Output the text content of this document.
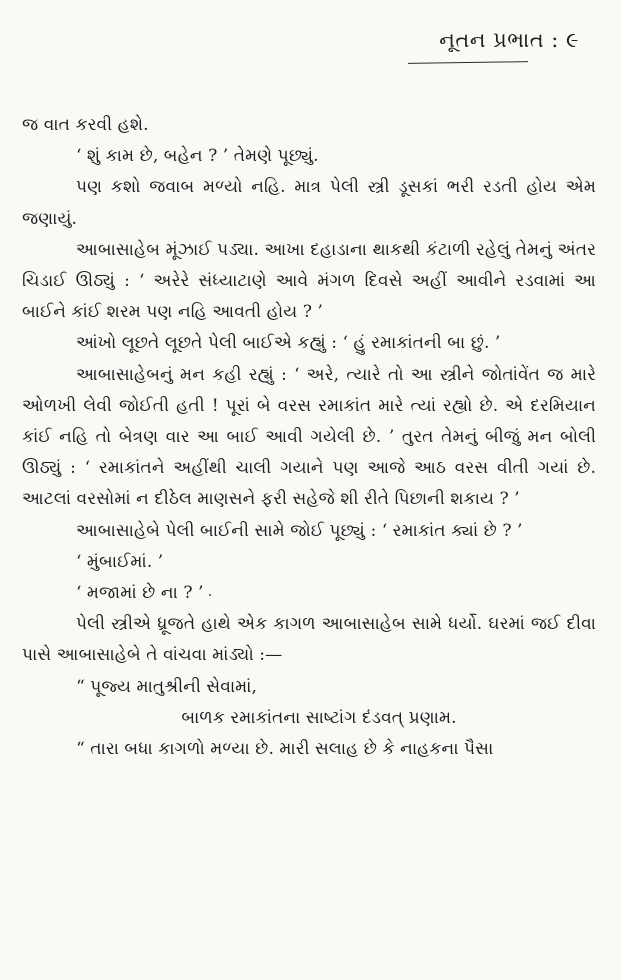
નૂતન પ્રભાત : ૯

જ વાત કરવી હશે.

‘ શું કામ છે, બહેન ? ’ તેમણે પૂછ્યું.

પણ કશો જવાબ મળ્યો નહિ. માત્ર પેલી સ્ત્રી ડૂસકાં ભરી રડતી હોય એમ જણાયું.

આબાસાહેબ મૂંઝાઈ પડ્યા. આખા દહાડાના થાકથી કંટાળી રહેલું તેમનું અંતર ચિડાઈ ઊઠ્યું : ‘ અરેરે સંધ્યાટાણે આવે મંગળ દિવસે અહીં આવીને રડવામાં આ બાઈને કાંઈ શરમ પણ નહિ આવતી હોય ? ’

આંખો લૂછતે લૂછતે પેલી બાઈએ કહ્યું : ‘ હું રમાકાંતની બા છું. ’

આબાસાહેબનું મન કહી રહ્યું : ‘ અરે, ત્યારે તો આ સ્ત્રીને જોતાંવેંત જ મારે ઓળખી લેવી જોઈતી હતી ! પૂરાં બે વરસ રમાકાંત મારે ત્યાં રહ્યો છે. એ દરમિયાન કાંઈ નહિ તો બેત્રણ વાર આ બાઈ આવી ગયેલી છે. ’ તુરત તેમનું બીજું મન બોલી ઊઠ્યું : ‘ રમાકાંતને અહીંથી ચાલી ગયાને પણ આજે આઠ વરસ વીતી ગયાં છે. આટલાં વરસોમાં ન દીઠેલ માણસને ફરી સહેજે શી રીતે પિછાની શકાય ? ’

આબાસાહેબે પેલી બાઈની સામે જોઈ પૂછ્યું : ‘ રમાકાંત ક્યાં છે ? ’

‘ મુંબાઈમાં. ’

‘ મજામાં છે ના ? ’

પેલી સ્ત્રીએ ધ્રૂજતે હાથે એક કાગળ આબાસાહેબ સામે ધર્યો. ઘરમાં જઈ દીવા પાસે આબાસાહેબે તે વાંચવા માંડ્યો :—

“ પૂજ્ય માતુશ્રીની સેવામાં,

બાળક રમાકાંતના સાષ્ટાંગ દંડવત્ પ્રણામ.

“ તારા બધા કાગળો મળ્યા છે. મારી સલાહ છે કે નાહકના પૈસા
